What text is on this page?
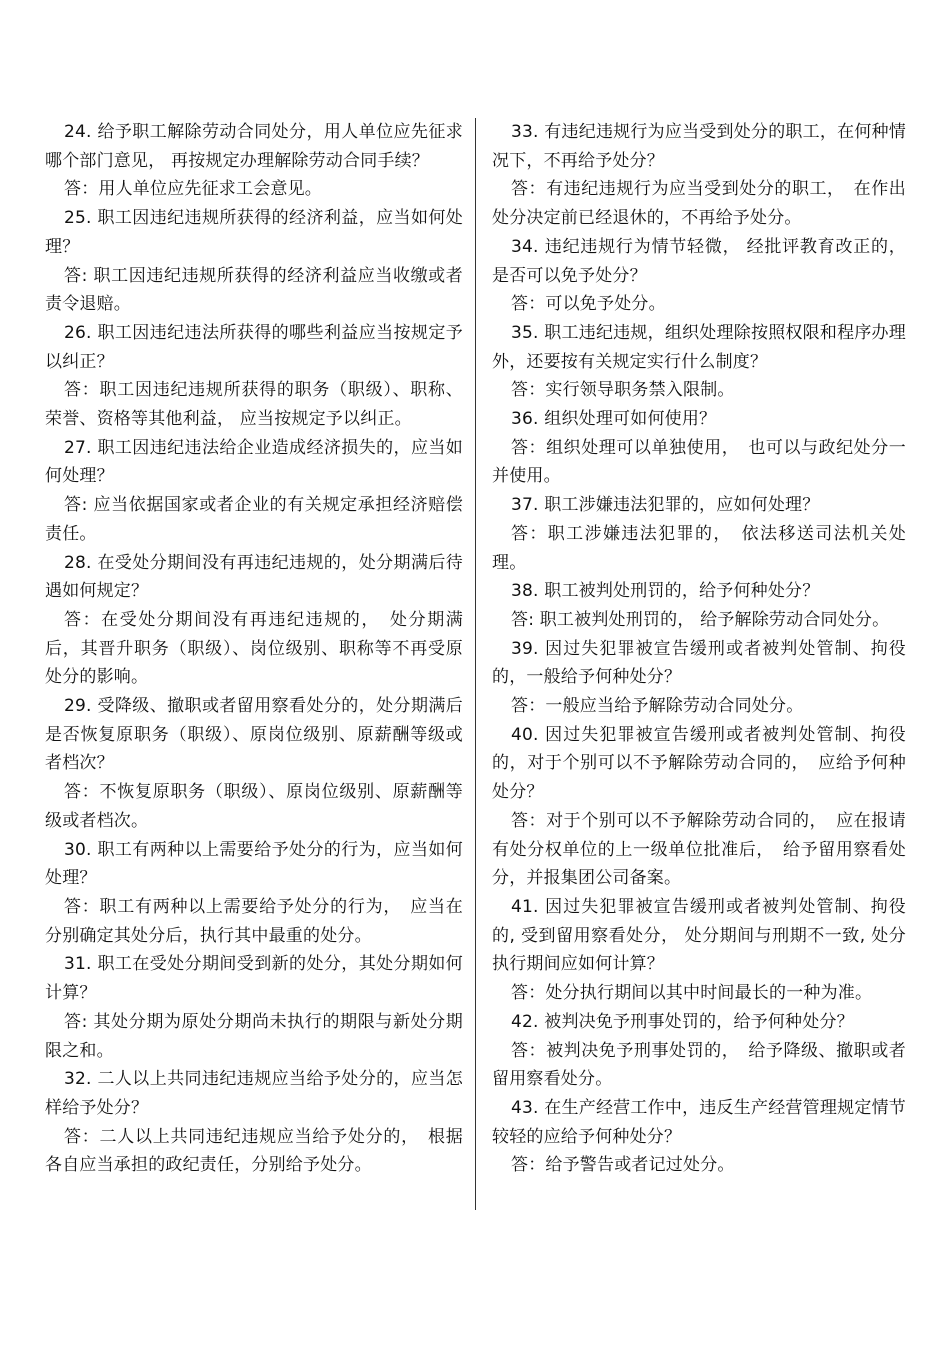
24. 给予职工解除劳动合同处分，用人单位应先征求哪个部门意见， 再按规定办理解除劳动合同手续？

答：用人单位应先征求工会意见。

25. 职工因违纪违规所获得的经济利益，应当如何处理？

答: 职工因违纪违规所获得的经济利益应当收缴或者责令退赔。

26. 职工因违纪违法所获得的哪些利益应当按规定予以纠正？

答：职工因违纪违规所获得的职务（职级）、职称、荣誉、资格等其他利益， 应当按规定予以纠正。

27. 职工因违纪违法给企业造成经济损失的，应当如何处理？

答: 应当依据国家或者企业的有关规定承担经济赔偿责任。

28. 在受处分期间没有再违纪违规的，处分期满后待遇如何规定？

答：在受处分期间没有再违纪违规的，　处分期满后，其晋升职务（职级）、岗位级别、职称等不再受原处分的影响。

29. 受降级、撤职或者留用察看处分的，处分期满后是否恢复原职务（职级）、原岗位级别、原薪酬等级或者档次？

答：不恢复原职务（职级）、原岗位级别、原薪酬等级或者档次。

30. 职工有两种以上需要给予处分的行为，应当如何处理？

答：职工有两种以上需要给予处分的行为，　应当在分别确定其处分后，执行其中最重的处分。

31. 职工在受处分期间受到新的处分，其处分期如何计算？

答: 其处分期为原处分期尚未执行的期限与新处分期限之和。

32. 二人以上共同违纪违规应当给予处分的，应当怎样给予处分？

答：二人以上共同违纪违规应当给予处分的，　根据各自应当承担的政纪责任，分别给予处分。

33. 有违纪违规行为应当受到处分的职工，在何种情况下，不再给予处分？

答：有违纪违规行为应当受到处分的职工，　在作出处分决定前已经退休的，不再给予处分。

34. 违纪违规行为情节轻微， 经批评教育改正的，是否可以免予处分？

答：可以免予处分。

35. 职工违纪违规，组织处理除按照权限和程序办理外，还要按有关规定实行什么制度？

答：实行领导职务禁入限制。

36. 组织处理可如何使用？

答：组织处理可以单独使用，　也可以与政纪处分一并使用。

37. 职工涉嫌违法犯罪的，应如何处理？

答：职工涉嫌违法犯罪的，　依法移送司法机关处理。

38. 职工被判处刑罚的，给予何种处分？

答: 职工被判处刑罚的， 给予解除劳动合同处分。

39. 因过失犯罪被宣告缓刑或者被判处管制、拘役的，一般给予何种处分？

答：一般应当给予解除劳动合同处分。

40. 因过失犯罪被宣告缓刑或者被判处管制、拘役的，对于个别可以不予解除劳动合同的，　应给予何种处分？

答：对于个别可以不予解除劳动合同的，　应在报请有处分权单位的上一级单位批准后，　给予留用察看处分，并报集团公司备案。

41. 因过失犯罪被宣告缓刑或者被判处管制、拘役的, 受到留用察看处分， 处分期间与刑期不一致, 处分执行期间应如何计算？

答：处分执行期间以其中时间最长的一种为准。

42. 被判决免予刑事处罚的，给予何种处分？

答：被判决免予刑事处罚的，　给予降级、撤职或者留用察看处分。

43. 在生产经营工作中，违反生产经营管理规定情节较轻的应给予何种处分？

答：给予警告或者记过处分。
